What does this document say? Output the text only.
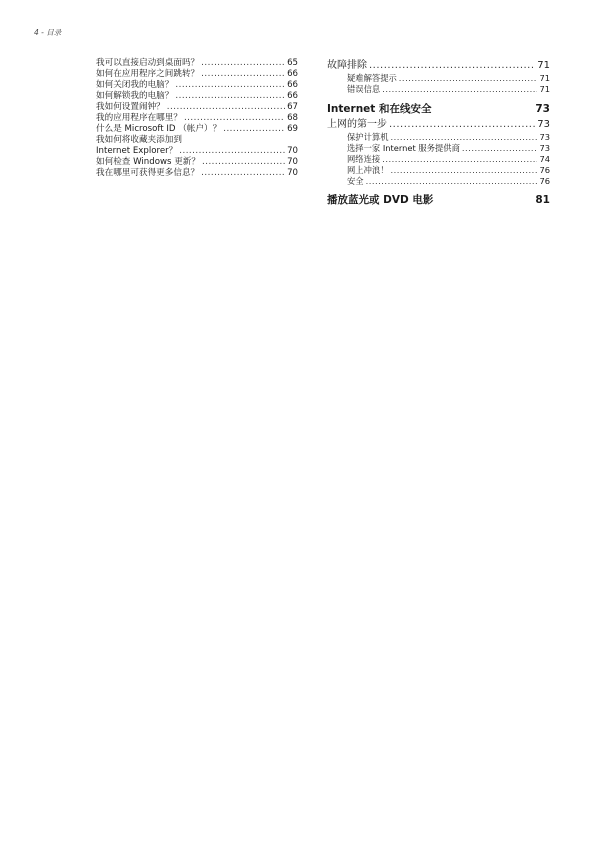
4 - 目录
我可以直接启动到桌面吗？ .....	65
如何在应用程序之间跳转？ .....	66
如何关闭我的电脑？ .....	66
如何解锁我的电脑？ .....	66
我如何设置闹钟？ .....	67
我的应用程序在哪里？ .....	68
什么是 Microsoft ID （帐户）？ .....	69
我如何将收藏夹添加到
Internet Explorer？ .....	70
如何检查 Windows 更新？ .....	70
我在哪里可获得更多信息？ .....	70
故障排除 .....	71
疑难解答提示 .....	71
错误信息 .....	71
Internet 和在线安全	73
上网的第一步 .....	73
保护计算机 .....	73
选择一家 Internet 服务提供商 .....	73
网络连接 .....	74
网上冲浪！ .....	76
安全 .....	76
播放蓝光或 DVD 电影	81
